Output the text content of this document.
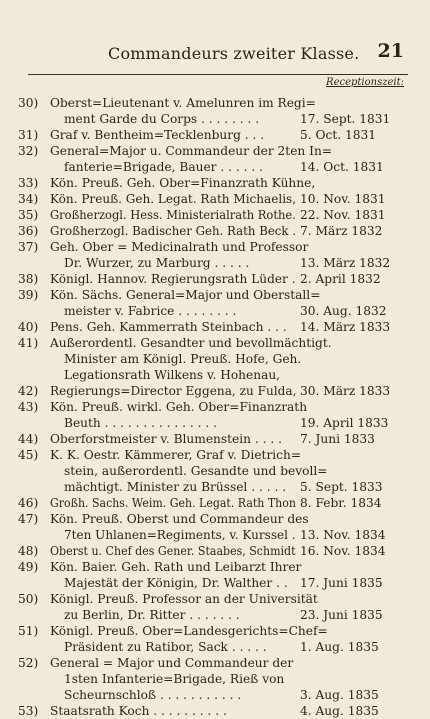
Commandeurs zweiter Klasse. 21
Receptionszeit:
30) Oberst=Lieutenant v. Amelunren im Regi=
ment Garde du Corps . . . . . . . .	17. Sept. 1831
31) Graf v. Bentheim=Tecklenburg . . .	5. Oct. 1831
32) General=Major u. Commandeur der 2ten In=
fanterie=Brigade, Bauer . . . . . .	14. Oct. 1831
33) Kön. Preuß. Geh. Ober=Finanzrath Kühne,
34) Kön. Preuß. Geh. Legat. Rath Michaelis, 10. Nov. 1831
35) Großherzogl. Hess. Ministerialrath Rothe. 22. Nov. 1831
36) Großherzogl. Badischer Geh. Rath Beck . 7. März 1832
37) Geh. Ober = Medicinalrath und Professor
Dr. Wurzer, zu Marburg . . . . .	13. März 1832
38) Königl. Hannov. Regierungsrath Lüder . 2. April 1832
39) Kön. Sächs. General=Major und Oberstall=
meister v. Fabrice . . . . . . . .	30. Aug. 1832
40) Pens. Geh. Kammerrath Steinbach . . . 14. März 1833
41) Außerordentl. Gesandter und bevollmächtigt.
Minister am Königl. Preuß. Hofe, Geh.
Legationsrath Wilkens v. Hohenau,
42) Regierungs=Director Eggena, zu Fulda, 30. März 1833
43) Kön. Preuß. wirkl. Geh. Ober=Finanzrath
Beuth . . . . . . . . . . . . . . .	19. April 1833
44) Oberforstmeister v. Blumenstein . . . . 7. Juni 1833
45) K. K. Oestr. Kämmerer, Graf v. Dietrich=
stein, außerordentl. Gesandte und bevoll=
mächtigt. Minister zu Brüssel . . . . . 5. Sept. 1833
46) Großh. Sachs. Weim. Geh. Legat. Rath Thon 8. Febr. 1834
47) Kön. Preuß. Oberst und Commandeur des
7ten Uhlanen=Regiments, v. Kurssel . 13. Nov. 1834
48) Oberst u. Chef des Gener. Staabes, Schmidt 16. Nov. 1834
49) Kön. Baier. Geh. Rath und Leibarzt Ihrer
Majestät der Königin, Dr. Walther . . 17. Juni 1835
50) Königl. Preuß. Professor an der Universität
zu Berlin, Dr. Ritter . . . . . . .	23. Juni 1835
51) Königl. Preuß. Ober=Landesgerichts=Chef=
Präsident zu Ratibor, Sack . . . . .	1. Aug. 1835
52) General = Major und Commandeur der
1sten Infanterie=Brigade, Rieß von
Scheurnschloß . . . . . . . . . . .	3. Aug. 1835
53) Staatsrath Koch . . . . . . . . . .	4. Aug. 1835
